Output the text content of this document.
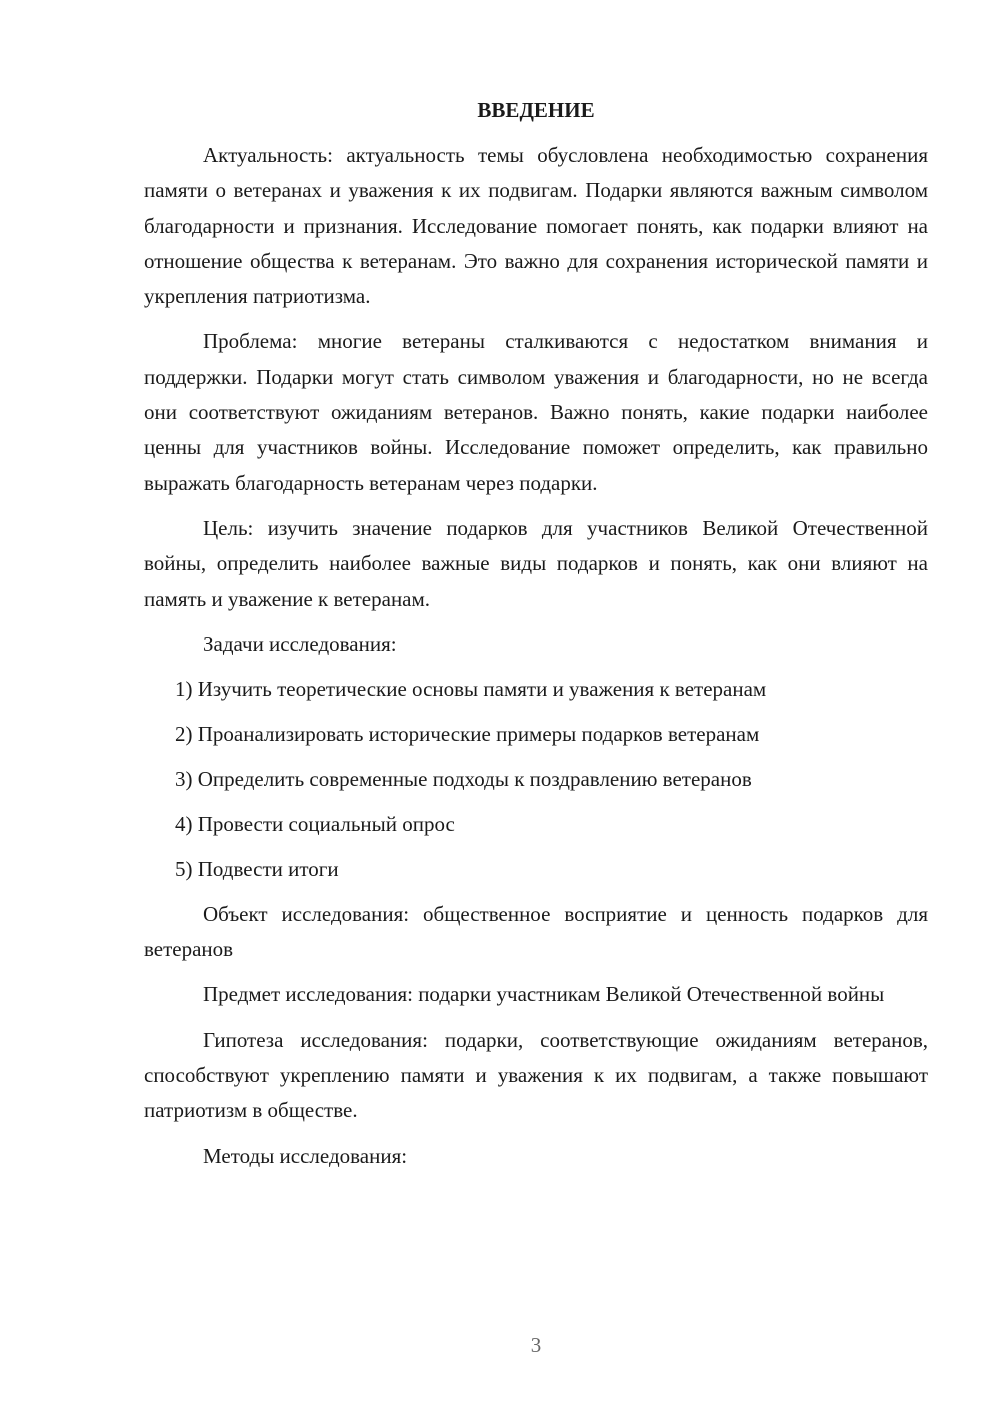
ВВЕДЕНИЕ

Актуальность: актуальность темы обусловлена необходимостью сохранения памяти о ветеранах и уважения к их подвигам. Подарки являются важным символом благодарности и признания. Исследование помогает понять, как подарки влияют на отношение общества к ветеранам. Это важно для сохранения исторической памяти и укрепления патриотизма.

Проблема: многие ветераны сталкиваются с недостатком внимания и поддержки. Подарки могут стать символом уважения и благодарности, но не всегда они соответствуют ожиданиям ветеранов. Важно понять, какие подарки наиболее ценны для участников войны. Исследование поможет определить, как правильно выражать благодарность ветеранам через подарки.

Цель: изучить значение подарков для участников Великой Отечественной войны, определить наиболее важные виды подарков и понять, как они влияют на память и уважение к ветеранам.

Задачи исследования:

1) Изучить теоретические основы памяти и уважения к ветеранам

2) Проанализировать исторические примеры подарков ветеранам

3) Определить современные подходы к поздравлению ветеранов

4) Провести социальный опрос

5) Подвести итоги

Объект исследования: общественное восприятие и ценность подарков для ветеранов

Предмет исследования: подарки участникам Великой Отечественной войны

Гипотеза исследования: подарки, соответствующие ожиданиям ветеранов, способствуют укреплению памяти и уважения к их подвигам, а также повышают патриотизм в обществе.

Методы исследования:

3
